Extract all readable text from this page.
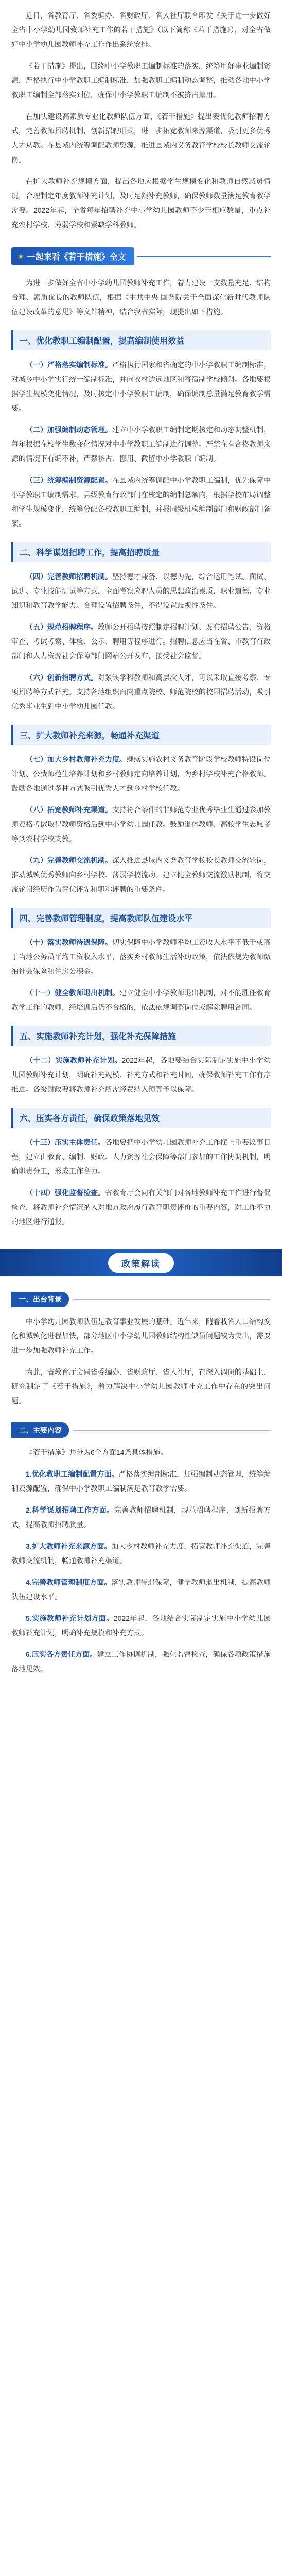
近日，省教育厅、省委编办、省财政厅、省人社厅联合印发《关于进一步做好全省中小学幼儿园教师补充工作的若干措施》（以下简称《若干措施》），对全省做好中小学幼儿园教师补充工作作出系统安排。

《若干措施》提出，围绕中小学教职工编制标准的落实，统筹用好事业编制资源，严格执行中小学教职工编制标准，加强教职工编制动态调整，推动各地中小学教职工编制全部落实到位，确保中小学教职工编制不被挤占挪用。

在加快建设高素质专业化教师队伍方面，《若干措施》提出要优化教师招聘方式，完善教师招聘机制，创新招聘形式，进一步拓宽教师来源渠道，吸引更多优秀人才从教。在县域内统筹调配教师资源，推进县域内义务教育学校校长教师交流轮岗。

在扩大教师补充规模方面，提出各地应根据学生规模变化和教师自然减员情况，合理制定年度教师补充计划，及时足额补充教师，确保教师数量满足教育教学需要。2022年起，全省每年招聘补充中小学幼儿园教师不少于相应数量，重点补充农村学校、薄弱学校和紧缺学科教师。

★ 一起来看《若干措施》全文

为进一步做好全省中小学幼儿园教师补充工作，着力建设一支数量充足、结构合理、素质优良的教师队伍，根据《中共中央 国务院关于全面深化新时代教师队伍建设改革的意见》等文件精神，结合我省实际，现提出如下措施。

一、优化教职工编制配置，提高编制使用效益

（一）严格落实编制标准。严格执行国家和省确定的中小学教职工编制标准，对城乡中小学实行统一编制标准，并向农村边远地区和寄宿制学校倾斜。各地要根据学生规模变化情况，及时核定中小学教职工编制，确保编制总量满足教育教学需要。

（二）加强编制动态管理。建立中小学教职工编制定期核定和动态调整机制，每年根据在校学生数变化情况对中小学教职工编制进行调整。严禁在有合格教师来源的情况下有编不补，严禁挤占、挪用、截留中小学教职工编制。

（三）统筹编制资源配置。在县域内统筹调配中小学教职工编制，优先保障中小学教职工编制需求。县级教育行政部门在核定的编制总额内，根据学校布局调整和学生规模变化，统筹分配各校教职工编制，并报同级机构编制部门和财政部门备案。

二、科学谋划招聘工作，提高招聘质量

（四）完善教师招聘机制。坚持德才兼备、以德为先，综合运用笔试、面试、试讲、专业技能测试等方式，全面考察应聘人员的思想政治素质、职业道德、专业知识和教育教学能力。合理设置招聘条件，不得设置歧视性条件。

（五）规范招聘程序。教师公开招聘按照制定招聘计划、发布招聘公告、资格审查、考试考察、体检、公示、聘用等程序进行。招聘信息应当在省、市教育行政部门和人力资源社会保障部门网站公开发布，接受社会监督。

（六）创新招聘方式。对紧缺学科教师和高层次人才，可以采取直接考察、专项招聘等方式补充。支持各地组织面向重点院校、师范院校的校园招聘活动，吸引优秀毕业生到中小学幼儿园任教。

三、扩大教师补充来源，畅通补充渠道

（七）加大乡村教师补充力度。继续实施农村义务教育阶段学校教师特设岗位计划、公费师范生培养计划和乡村教师定向培养计划，为乡村学校补充合格教师。鼓励各地通过多种方式吸引优秀人才到乡村学校任教。

（八）拓宽教师补充渠道。支持符合条件的非师范专业优秀毕业生通过参加教师资格考试取得教师资格后到中小学幼儿园任教。鼓励退休教师、高校学生志愿者等到农村学校支教。

（九）完善教师交流机制。深入推进县域内义务教育学校校长教师交流轮岗，推动城镇优秀教师向乡村学校、薄弱学校流动。建立健全教师交流激励机制，将交流轮岗经历作为评优评先和职称评聘的重要条件。

四、完善教师管理制度，提高教师队伍建设水平

（十）落实教师待遇保障。切实保障中小学教师平均工资收入水平不低于或高于当地公务员平均工资收入水平，落实乡村教师生活补助政策，依法依规为教师缴纳社会保险和住房公积金。

（十一）健全教师退出机制。建立健全中小学教师退出机制，对不能胜任教育教学工作的教师，经培训后仍不合格的，依法依规调整岗位或解除聘用合同。

五、实施教师补充计划，强化补充保障措施

（十二）实施教师补充计划。2022年起，各地要结合实际制定实施中小学幼儿园教师补充计划，明确补充规模、补充方式和补充时间，确保教师补充工作有序推进。各级财政要将教师补充所需经费纳入预算予以保障。

六、压实各方责任，确保政策落地见效

（十三）压实主体责任。各地要把中小学幼儿园教师补充工作摆上重要议事日程，建立由教育、编制、财政、人力资源社会保障等部门参加的工作协调机制，明确职责分工，形成工作合力。

（十四）强化监督检查。省教育厅会同有关部门对各地教师补充工作进行督促检查，将教师补充情况纳入对地方政府履行教育职责评价的重要内容，对工作不力的地区进行通报。

政策解读
一、出台背景

中小学幼儿园教师队伍是教育事业发展的基础。近年来，随着我省人口结构变化和城镇化进程加快，部分地区中小学幼儿园教师结构性缺员问题较为突出，需要进一步加强教师补充工作。

为此，省教育厅会同省委编办、省财政厅、省人社厅，在深入调研的基础上，研究制定了《若干措施》，着力解决中小学幼儿园教师补充工作中存在的突出问题。

二、主要内容

《若干措施》共分为6个方面14条具体措施。

1.优化教职工编制配置方面。严格落实编制标准，加强编制动态管理，统筹编制资源配置，确保中小学教职工编制满足教育教学需要。

2.科学谋划招聘工作方面。完善教师招聘机制，规范招聘程序，创新招聘方式，提高教师招聘质量。

3.扩大教师补充来源方面。加大乡村教师补充力度，拓宽教师补充渠道，完善教师交流机制，畅通教师补充渠道。

4.完善教师管理制度方面。落实教师待遇保障，健全教师退出机制，提高教师队伍建设水平。

5.实施教师补充计划方面。2022年起，各地结合实际制定实施中小学幼儿园教师补充计划，明确补充规模和补充方式。

6.压实各方责任方面。建立工作协调机制，强化监督检查，确保各项政策措施落地见效。
